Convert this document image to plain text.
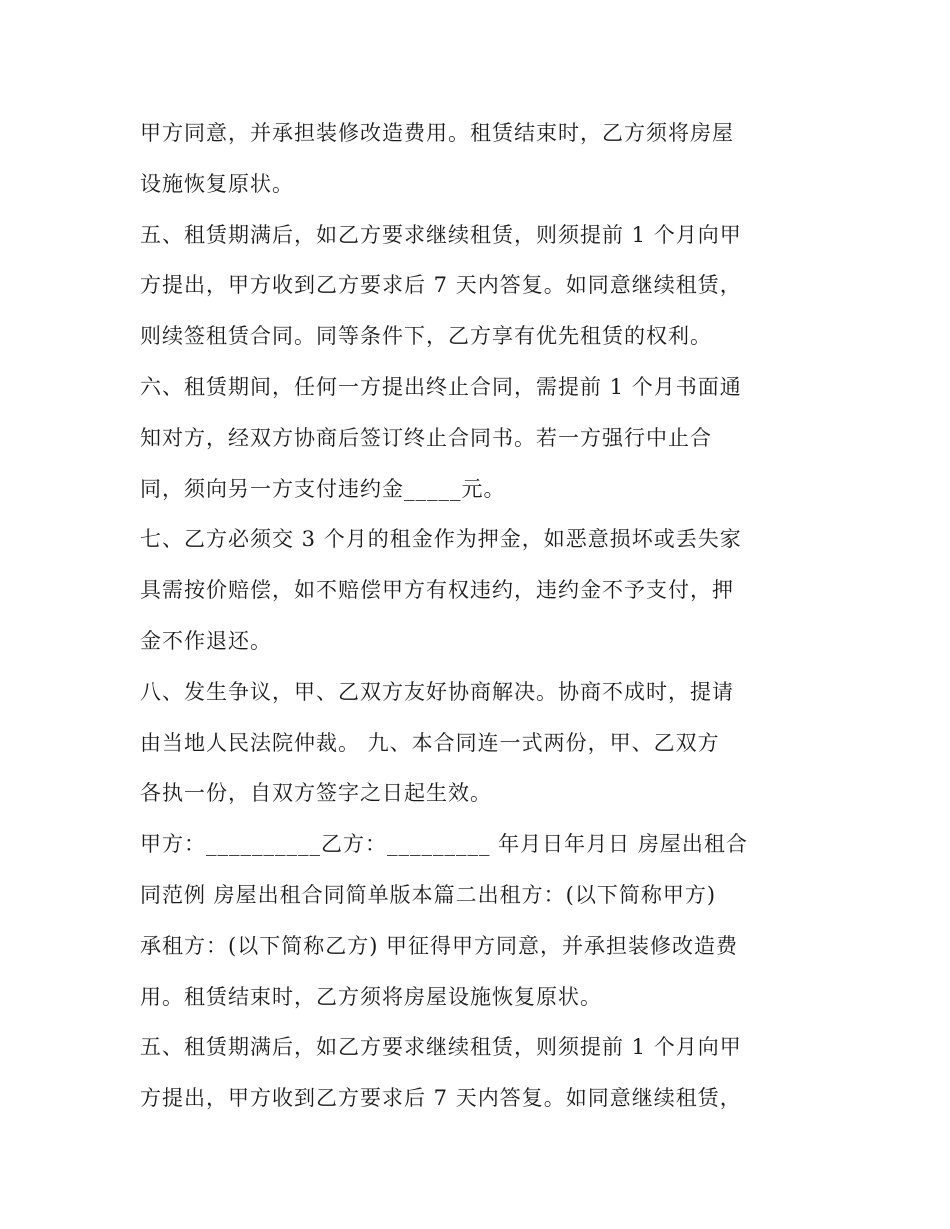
甲方同意，并承担装修改造费用。租赁结束时，乙方须将房屋
设施恢复原状。
五、租赁期满后，如乙方要求继续租赁，则须提前 1 个月向甲
方提出，甲方收到乙方要求后 7 天内答复。如同意继续租赁，
则续签租赁合同。同等条件下，乙方享有优先租赁的权利。
六、租赁期间，任何一方提出终止合同，需提前 1 个月书面通
知对方，经双方协商后签订终止合同书。若一方强行中止合
同，须向另一方支付违约金_____元。
七、乙方必须交 3 个月的租金作为押金，如恶意损坏或丢失家
具需按价赔偿，如不赔偿甲方有权违约，违约金不予支付，押
金不作退还。
八、发生争议，甲、乙双方友好协商解决。协商不成时，提请
由当地人民法院仲裁。 九、本合同连一式两份，甲、乙双方
各执一份，自双方签字之日起生效。
甲方：__________乙方：_________ 年月日年月日 房屋出租合
同范例 房屋出租合同简单版本篇二出租方：(以下简称甲方)
承租方：(以下简称乙方) 甲征得甲方同意，并承担装修改造费
用。租赁结束时，乙方须将房屋设施恢复原状。
五、租赁期满后，如乙方要求继续租赁，则须提前 1 个月向甲
方提出，甲方收到乙方要求后 7 天内答复。如同意继续租赁，
